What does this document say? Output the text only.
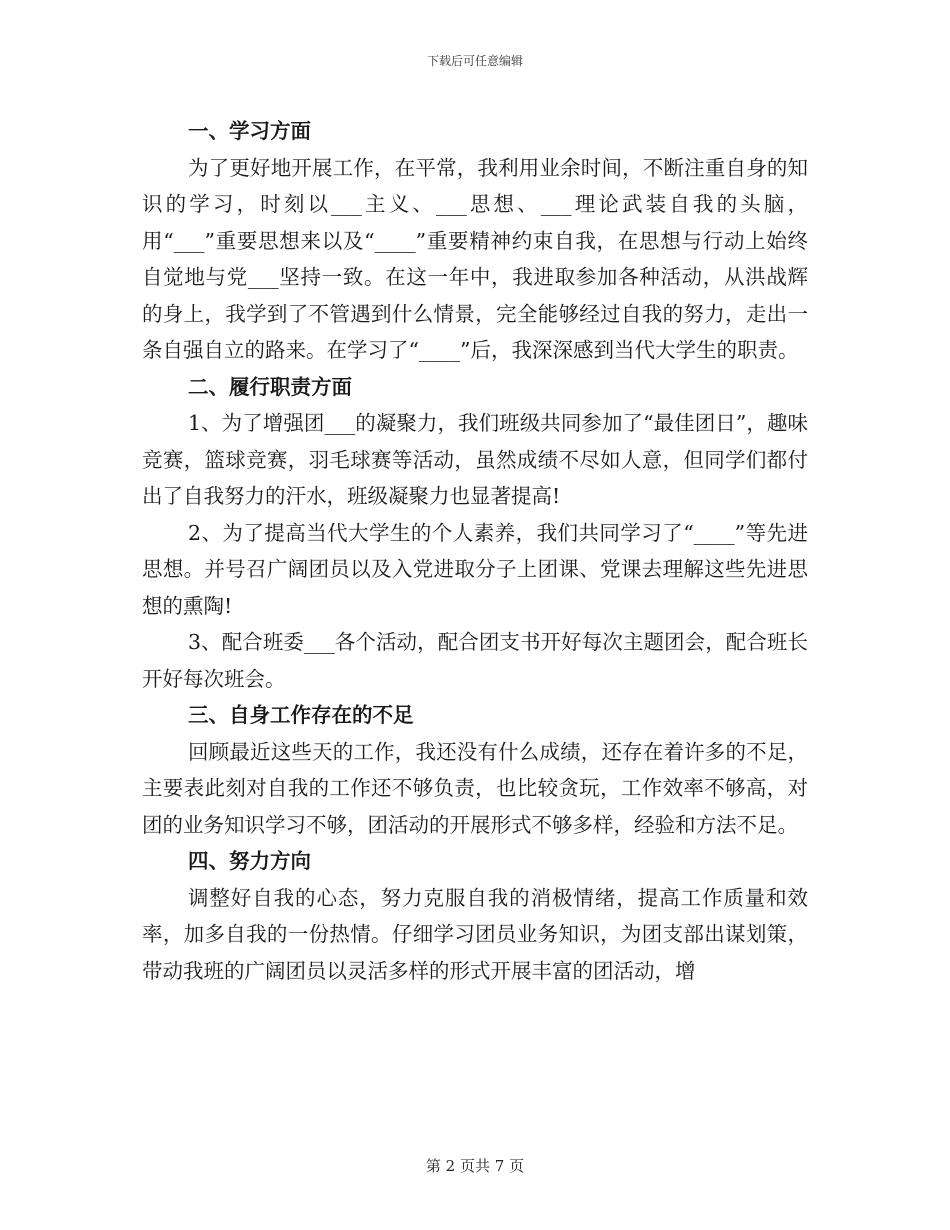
下载后可任意编辑
一、学习方面

为了更好地开展工作，在平常，我利用业余时间，不断注重自身的知识的学习，时刻以___主义、___思想、___理论武装自我的头脑，用“___”重要思想来以及“____”重要精神约束自我，在思想与行动上始终自觉地与党___坚持一致。在这一年中，我进取参加各种活动，从洪战辉的身上，我学到了不管遇到什么情景，完全能够经过自我的努力，走出一条自强自立的路来。在学习了“____”后，我深深感到当代大学生的职责。

二、履行职责方面

1、为了增强团___的凝聚力，我们班级共同参加了“最佳团日”，趣味竞赛，篮球竞赛，羽毛球赛等活动，虽然成绩不尽如人意，但同学们都付出了自我努力的汗水，班级凝聚力也显著提高!

2、为了提高当代大学生的个人素养，我们共同学习了“____”等先进思想。并号召广阔团员以及入党进取分子上团课、党课去理解这些先进思想的熏陶!

3、配合班委___各个活动，配合团支书开好每次主题团会，配合班长开好每次班会。

三、自身工作存在的不足

回顾最近这些天的工作，我还没有什么成绩，还存在着许多的不足，主要表此刻对自我的工作还不够负责，也比较贪玩，工作效率不够高，对团的业务知识学习不够，团活动的开展形式不够多样，经验和方法不足。

四、努力方向

调整好自我的心态，努力克服自我的消极情绪，提高工作质量和效率，加多自我的一份热情。仔细学习团员业务知识，为团支部出谋划策，带动我班的广阔团员以灵活多样的形式开展丰富的团活动，增

第 2 页共 7 页
